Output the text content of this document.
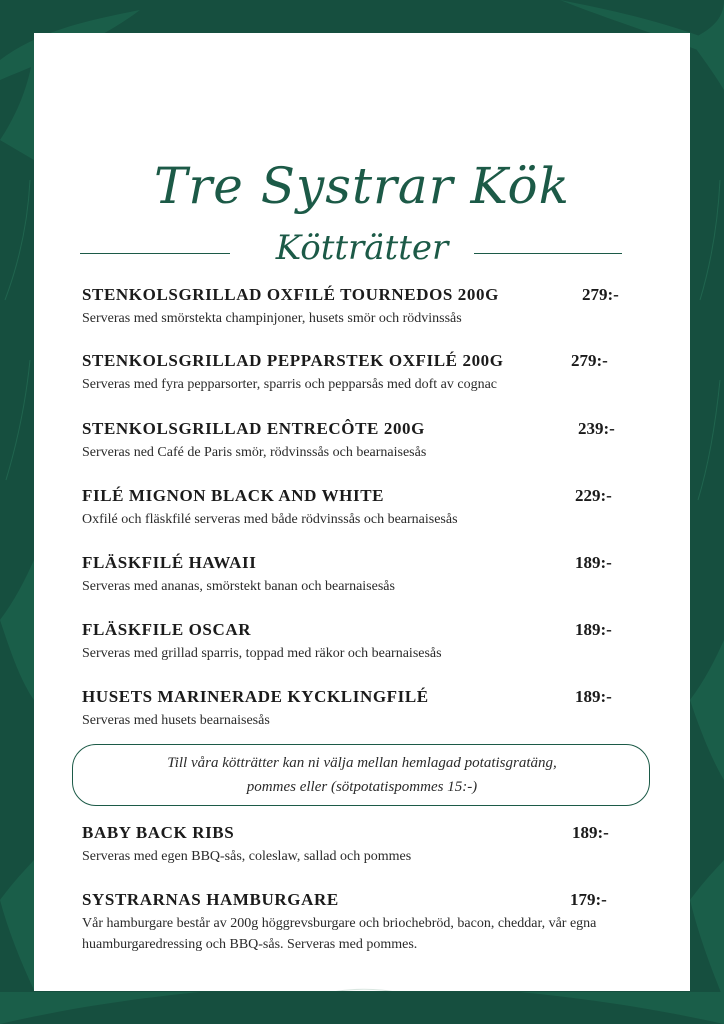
Tre Systrar Kök
Kötträtter
STENKOLSGRILLAD OXFILÉ TOURNEDOS 200G	279:-
Serveras med smörstekta champinjoner, husets smör och rödvinssås
STENKOLSGRILLAD PEPPARSTEK OXFILÉ 200G	279:-
Serveras med fyra pepparsorter, sparris och pepparsås med doft av cognac
STENKOLSGRILLAD ENTRECÔTE 200G	239:-
Serveras ned Café de Paris smör, rödvinssås och bearnaisesås
FILÉ MIGNON BLACK AND WHITE	229:-
Oxfilé och fläskfilé serveras med både rödvinssås och bearnaisesås
FLÄSKFILÉ HAWAII	189:-
Serveras med ananas, smörstekt banan och bearnaisesås
FLÄSKFILE OSCAR	189:-
Serveras med grillad sparris, toppad med räkor och bearnaisesås
HUSETS MARINERADE KYCKLINGFILÉ	189:-
Serveras med husets bearnaisesås
Till våra kötträtter kan ni välja mellan hemlagad potatisgratäng,
pommes eller (sötpotatispommes 15:-)
BABY BACK RIBS	189:-
Serveras med egen BBQ-sås, coleslaw, sallad och pommes
SYSTRARNAS HAMBURGARE	179:-
Vår hamburgare består av 200g höggrevsburgare och briochebröd, bacon, cheddar, vår egna huamburgaredressing och BBQ-sås. Serveras med pommes.
